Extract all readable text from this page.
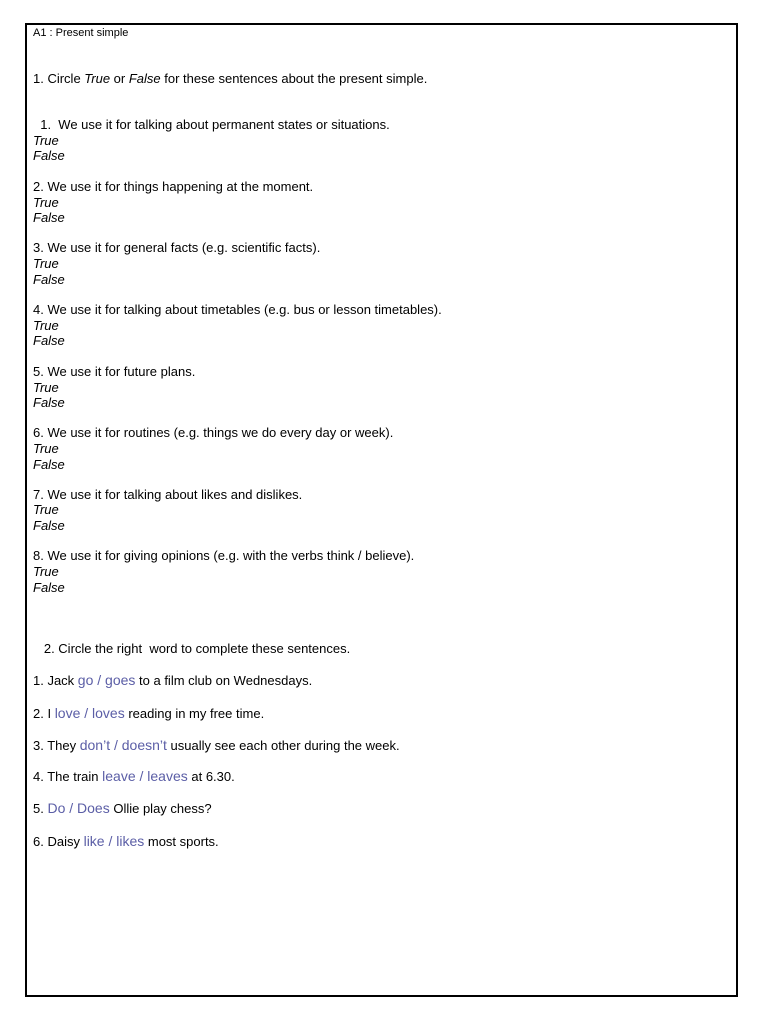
A1 : Present simple
1. Circle True or False for these sentences about the present simple.
1.  We use it for talking about permanent states or situations.
True
False
2. We use it for things happening at the moment.
True
False
3. We use it for general facts (e.g. scientific facts).
True
False
4. We use it for talking about timetables (e.g. bus or lesson timetables).
True
False
5. We use it for future plans.
True
False
6. We use it for routines (e.g. things we do every day or week).
True
False
7. We use it for talking about likes and dislikes.
True
False
8. We use it for giving opinions (e.g. with the verbs think / believe).
True
False
2. Circle the right  word to complete these sentences.
1. Jack go / goes to a film club on Wednesdays.
2. I love / loves reading in my free time.
3. They don’t / doesn’t usually see each other during the week.
4. The train leave / leaves at 6.30.
5. Do / Does Ollie play chess?
6. Daisy like / likes most sports.
